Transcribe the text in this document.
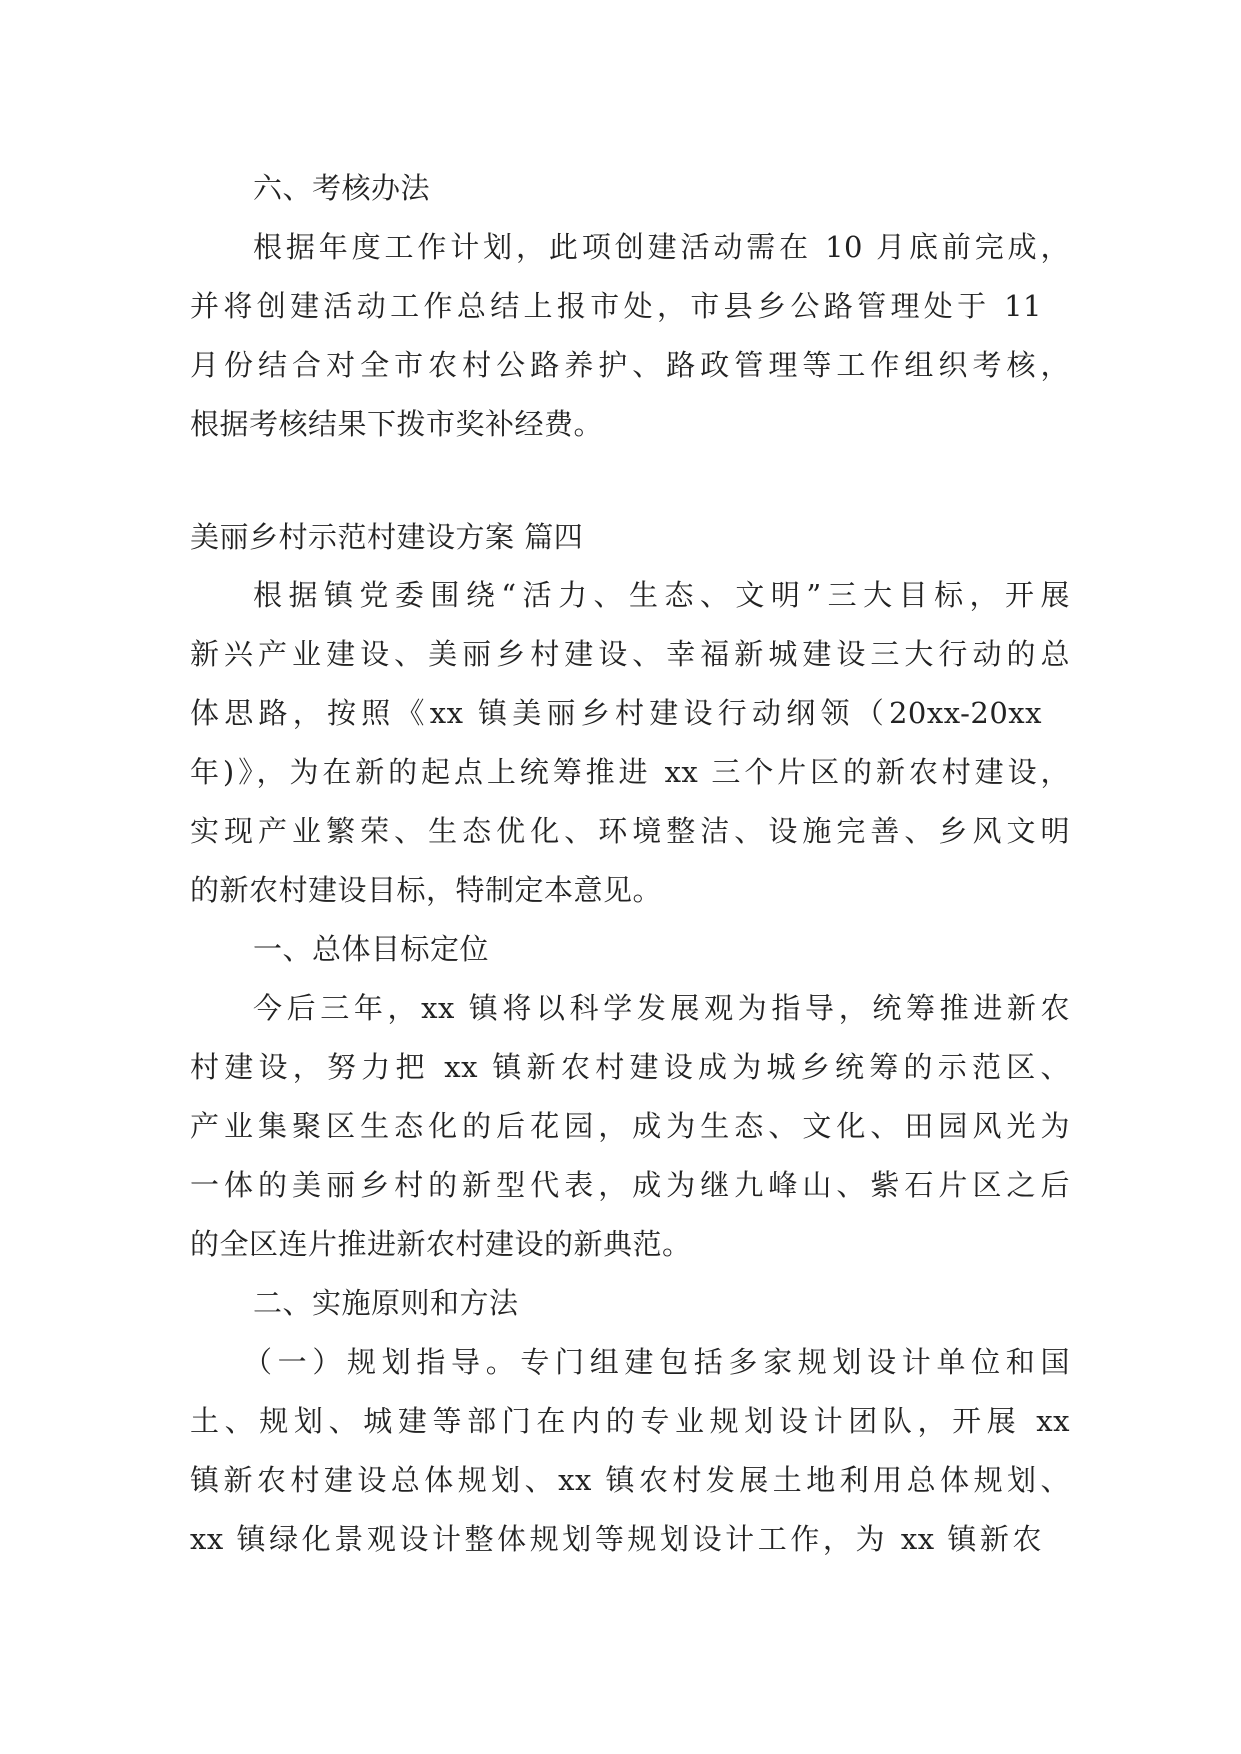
六、考核办法
根据年度工作计划，此项创建活动需在 10 月底前完成，
并将创建活动工作总结上报市处，市县乡公路管理处于 11
月份结合对全市农村公路养护、路政管理等工作组织考核，
根据考核结果下拨市奖补经费。
美丽乡村示范村建设方案 篇四
根据镇党委围绕“活力、生态、文明”三大目标，开展
新兴产业建设、美丽乡村建设、幸福新城建设三大行动的总
体思路，按照《xx 镇美丽乡村建设行动纲领（20xx-20xx
年)》，为在新的起点上统筹推进 xx 三个片区的新农村建设，
实现产业繁荣、生态优化、环境整洁、设施完善、乡风文明
的新农村建设目标，特制定本意见。
一、总体目标定位
今后三年，xx 镇将以科学发展观为指导，统筹推进新农
村建设，努力把 xx 镇新农村建设成为城乡统筹的示范区、
产业集聚区生态化的后花园，成为生态、文化、田园风光为
一体的美丽乡村的新型代表，成为继九峰山、紫石片区之后
的全区连片推进新农村建设的新典范。
二、实施原则和方法
（一）规划指导。专门组建包括多家规划设计单位和国
土、规划、城建等部门在内的专业规划设计团队，开展 xx
镇新农村建设总体规划、xx 镇农村发展土地利用总体规划、
xx 镇绿化景观设计整体规划等规划设计工作，为 xx 镇新农
